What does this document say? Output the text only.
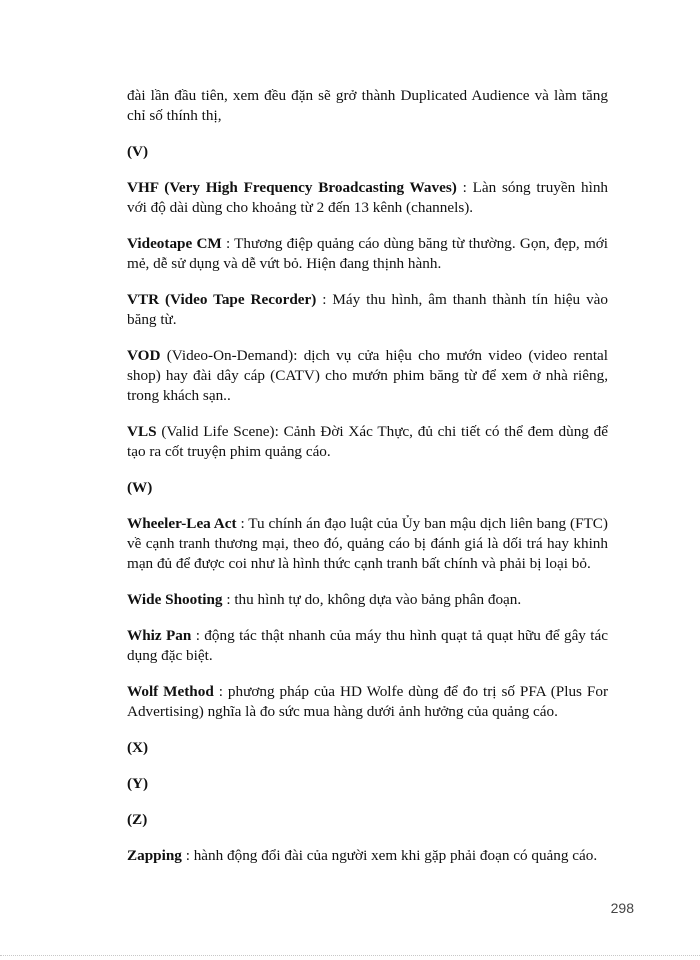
đài lần đầu tiên, xem đều đặn sẽ grở thành Duplicated Audience và làm tăng chỉ số thính thị,

(V)

VHF (Very High Frequency Broadcasting Waves) : Làn sóng truyền hình với độ dài dùng cho khoảng từ 2 đến 13 kênh (channels).

Videotape CM : Thương điệp quảng cáo dùng băng từ thường. Gọn, đẹp, mới mẻ, dễ sử dụng và dễ vứt bỏ. Hiện đang thịnh hành.

VTR (Video Tape Recorder) : Máy thu hình, âm thanh thành tín hiệu vào băng từ.

VOD (Video-On-Demand): dịch vụ cửa hiệu cho mướn video (video rental shop) hay đài dây cáp (CATV) cho mướn phim băng từ để xem ở nhà riêng, trong khách sạn..

VLS (Valid Life Scene): Cảnh Đời Xác Thực, đủ chi tiết có thể đem dùng để tạo ra cốt truyện phim quảng cáo.

(W)

Wheeler-Lea Act : Tu chính án đạo luật của Ủy ban mậu dịch liên bang (FTC) về cạnh tranh thương mại, theo đó, quảng cáo bị đánh giá là dối trá hay khinh mạn đủ để được coi như là hình thức cạnh tranh bất chính và phải bị loại bỏ.

Wide Shooting : thu hình tự do, không dựa vào bảng phân đoạn.

Whiz Pan : động tác thật nhanh của máy thu hình quạt tả quạt hữu để gây tác dụng đặc biệt.

Wolf Method : phương pháp của HD Wolfe dùng để đo trị số PFA (Plus For Advertising) nghĩa là đo sức mua hàng dưới ảnh hưởng của quảng cáo.

(X)

(Y)

(Z)

Zapping : hành động đổi đài của người xem khi gặp phải đoạn có quảng cáo.

298
